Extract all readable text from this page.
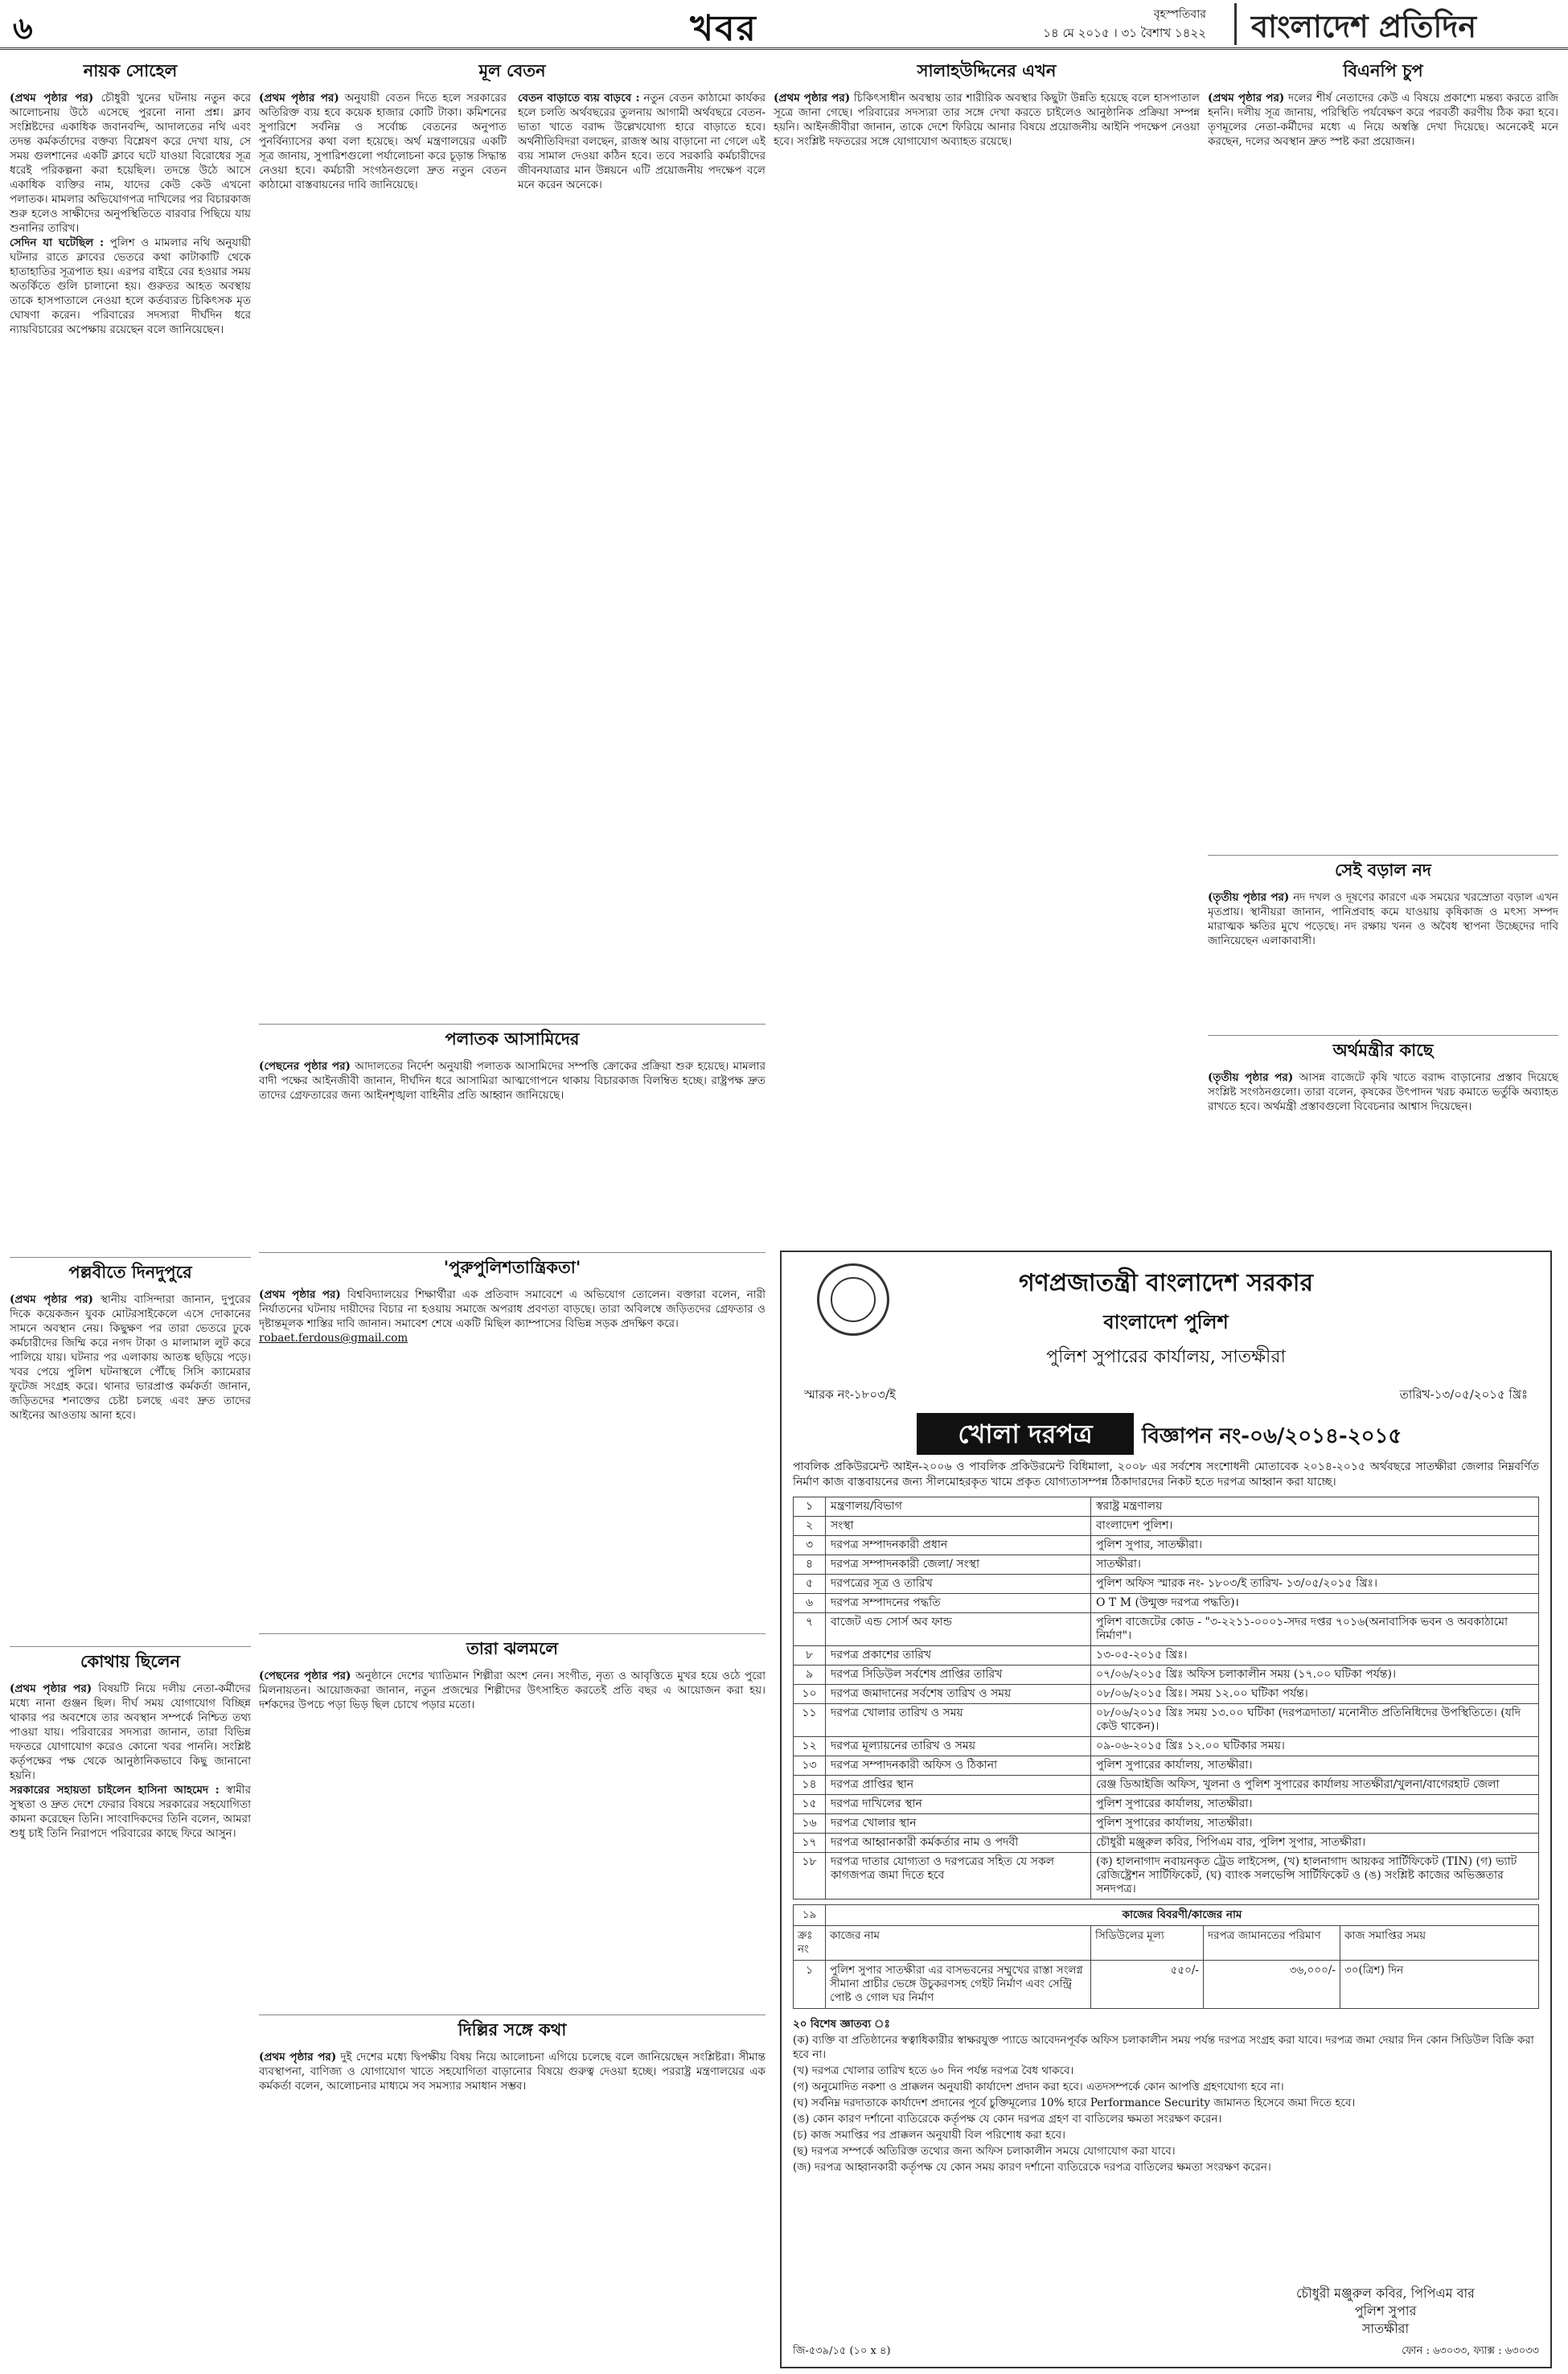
৬	খবর	বৃহস্পতিবার
১৪ মে ২০১৫ । ৩১ বৈশাখ ১৪২২	বাংলাদেশ প্রতিদিন
নায়ক সোহেল
(প্রথম পৃষ্ঠার পর) চৌধুরী খুনের ঘটনায় নতুন করে আলোচনায় উঠে এসেছে পুরনো নানা প্রশ্ন। ক্লাব সংশ্লিষ্টদের একাধিক জবানবন্দি, আদালতের নথি এবং তদন্ত কর্মকর্তাদের বক্তব্য বিশ্লেষণ করে দেখা যায়, সে সময় গুলশানের একটি ক্লাবে ঘটে যাওয়া বিরোধের সূত্র ধরেই পরিকল্পনা করা হয়েছিল। তদন্তে উঠে আসে একাধিক ব্যক্তির নাম, যাদের কেউ কেউ এখনো পলাতক। মামলার অভিযোগপত্র দাখিলের পর বিচারকাজ শুরু হলেও সাক্ষীদের অনুপস্থিতিতে বারবার পিছিয়ে যায় শুনানির তারিখ।
সেদিন যা ঘটেছিল : পুলিশ ও মামলার নথি অনুযায়ী ঘটনার রাতে ক্লাবের ভেতরে কথা কাটাকাটি থেকে হাতাহাতির সূত্রপাত হয়। এরপর বাইরে বের হওয়ার সময় অতর্কিতে গুলি চালানো হয়। গুরুতর আহত অবস্থায় তাকে হাসপাতালে নেওয়া হলে কর্তব্যরত চিকিৎসক মৃত ঘোষণা করেন। পরিবারের সদস্যরা দীর্ঘদিন ধরে ন্যায়বিচারের অপেক্ষায় রয়েছেন বলে জানিয়েছেন।
পল্লবীতে দিনদুপুরে
(প্রথম পৃষ্ঠার পর) স্থানীয় বাসিন্দারা জানান, দুপুরের দিকে কয়েকজন যুবক মোটরসাইকেলে এসে দোকানের সামনে অবস্থান নেয়। কিছুক্ষণ পর তারা ভেতরে ঢুকে কর্মচারীদের জিম্মি করে নগদ টাকা ও মালামাল লুট করে পালিয়ে যায়। ঘটনার পর এলাকায় আতঙ্ক ছড়িয়ে পড়ে। খবর পেয়ে পুলিশ ঘটনাস্থলে পৌঁছে সিসি ক্যামেরার ফুটেজ সংগ্রহ করে। থানার ভারপ্রাপ্ত কর্মকর্তা জানান, জড়িতদের শনাক্তের চেষ্টা চলছে এবং দ্রুত তাদের আইনের আওতায় আনা হবে।
কোথায় ছিলেন
(প্রথম পৃষ্ঠার পর) বিষয়টি নিয়ে দলীয় নেতা-কর্মীদের মধ্যে নানা গুঞ্জন ছিল। দীর্ঘ সময় যোগাযোগ বিচ্ছিন্ন থাকার পর অবশেষে তার অবস্থান সম্পর্কে নিশ্চিত তথ্য পাওয়া যায়। পরিবারের সদস্যরা জানান, তারা বিভিন্ন দফতরে যোগাযোগ করেও কোনো খবর পাননি। সংশ্লিষ্ট কর্তৃপক্ষের পক্ষ থেকে আনুষ্ঠানিকভাবে কিছু জানানো হয়নি।
সরকারের সহায়তা চাইলেন হাসিনা আহমেদ : স্বামীর সুস্থতা ও দ্রুত দেশে ফেরার বিষয়ে সরকারের সহযোগিতা কামনা করেছেন তিনি। সাংবাদিকদের তিনি বলেন, আমরা শুধু চাই তিনি নিরাপদে পরিবারের কাছে ফিরে আসুন।
মূল বেতন
(প্রথম পৃষ্ঠার পর) অনুযায়ী বেতন দিতে হলে সরকারের অতিরিক্ত ব্যয় হবে কয়েক হাজার কোটি টাকা। কমিশনের সুপারিশে সর্বনিম্ন ও সর্বোচ্চ বেতনের অনুপাত পুনর্বিন্যাসের কথা বলা হয়েছে। অর্থ মন্ত্রণালয়ের একটি সূত্র জানায়, সুপারিশগুলো পর্যালোচনা করে চূড়ান্ত সিদ্ধান্ত নেওয়া হবে। কর্মচারী সংগঠনগুলো দ্রুত নতুন বেতন কাঠামো বাস্তবায়নের দাবি জানিয়েছে।
বেতন বাড়াতে ব্যয় বাড়বে : নতুন বেতন কাঠামো কার্যকর হলে চলতি অর্থবছরের তুলনায় আগামী অর্থবছরে বেতন-ভাতা খাতে বরাদ্দ উল্লেখযোগ্য হারে বাড়াতে হবে। অর্থনীতিবিদরা বলছেন, রাজস্ব আয় বাড়ানো না গেলে এই ব্যয় সামাল দেওয়া কঠিন হবে। তবে সরকারি কর্মচারীদের জীবনযাত্রার মান উন্নয়নে এটি প্রয়োজনীয় পদক্ষেপ বলে মনে করেন অনেকে।
পলাতক আসামিদের
(পেছনের পৃষ্ঠার পর) আদালতের নির্দেশ অনুযায়ী পলাতক আসামিদের সম্পত্তি ক্রোকের প্রক্রিয়া শুরু হয়েছে। মামলার বাদী পক্ষের আইনজীবী জানান, দীর্ঘদিন ধরে আসামিরা আত্মগোপনে থাকায় বিচারকাজ বিলম্বিত হচ্ছে। রাষ্ট্রপক্ষ দ্রুত তাদের গ্রেফতারের জন্য আইনশৃঙ্খলা বাহিনীর প্রতি আহ্বান জানিয়েছে।
'পুরুপুলিশতান্ত্রিকতা'
(প্রথম পৃষ্ঠার পর) বিশ্ববিদ্যালয়ের শিক্ষার্থীরা এক প্রতিবাদ সমাবেশে এ অভিযোগ তোলেন। বক্তারা বলেন, নারী নির্যাতনের ঘটনায় দায়ীদের বিচার না হওয়ায় সমাজে অপরাধ প্রবণতা বাড়ছে। তারা অবিলম্বে জড়িতদের গ্রেফতার ও দৃষ্টান্তমূলক শাস্তির দাবি জানান। সমাবেশ শেষে একটি মিছিল ক্যাম্পাসের বিভিন্ন সড়ক প্রদক্ষিণ করে।
robaet.ferdous@gmail.com
তারা ঝলমলে
(পেছনের পৃষ্ঠার পর) অনুষ্ঠানে দেশের খ্যাতিমান শিল্পীরা অংশ নেন। সংগীত, নৃত্য ও আবৃত্তিতে মুখর হয়ে ওঠে পুরো মিলনায়তন। আয়োজকরা জানান, নতুন প্রজন্মের শিল্পীদের উৎসাহিত করতেই প্রতি বছর এ আয়োজন করা হয়। দর্শকদের উপচে পড়া ভিড় ছিল চোখে পড়ার মতো।
দিল্লির সঙ্গে কথা
(প্রথম পৃষ্ঠার পর) দুই দেশের মধ্যে দ্বিপক্ষীয় বিষয় নিয়ে আলোচনা এগিয়ে চলেছে বলে জানিয়েছেন সংশ্লিষ্টরা। সীমান্ত ব্যবস্থাপনা, বাণিজ্য ও যোগাযোগ খাতে সহযোগিতা বাড়ানোর বিষয়ে গুরুত্ব দেওয়া হচ্ছে। পররাষ্ট্র মন্ত্রণালয়ের এক কর্মকর্তা বলেন, আলোচনার মাধ্যমে সব সমস্যার সমাধান সম্ভব।
সালাহউদ্দিনের এখন
(প্রথম পৃষ্ঠার পর) চিকিৎসাধীন অবস্থায় তার শারীরিক অবস্থার কিছুটা উন্নতি হয়েছে বলে হাসপাতাল সূত্রে জানা গেছে। পরিবারের সদস্যরা তার সঙ্গে দেখা করতে চাইলেও আনুষ্ঠানিক প্রক্রিয়া সম্পন্ন হয়নি। আইনজীবীরা জানান, তাকে দেশে ফিরিয়ে আনার বিষয়ে প্রয়োজনীয় আইনি পদক্ষেপ নেওয়া হবে। সংশ্লিষ্ট দফতরের সঙ্গে যোগাযোগ অব্যাহত রয়েছে।
বিএনপি চুপ
(প্রথম পৃষ্ঠার পর) দলের শীর্ষ নেতাদের কেউ এ বিষয়ে প্রকাশ্যে মন্তব্য করতে রাজি হননি। দলীয় সূত্র জানায়, পরিস্থিতি পর্যবেক্ষণ করে পরবর্তী করণীয় ঠিক করা হবে। তৃণমূলের নেতা-কর্মীদের মধ্যে এ নিয়ে অস্বস্তি দেখা দিয়েছে। অনেকেই মনে করছেন, দলের অবস্থান দ্রুত স্পষ্ট করা প্রয়োজন।
সেই বড়াল নদ
(তৃতীয় পৃষ্ঠার পর) নদ দখল ও দূষণের কারণে এক সময়ের খরস্রোতা বড়াল এখন মৃতপ্রায়। স্থানীয়রা জানান, পানিপ্রবাহ কমে যাওয়ায় কৃষিকাজ ও মৎস্য সম্পদ মারাত্মক ক্ষতির মুখে পড়েছে। নদ রক্ষায় খনন ও অবৈধ স্থাপনা উচ্ছেদের দাবি জানিয়েছেন এলাকাবাসী।
অর্থমন্ত্রীর কাছে
(তৃতীয় পৃষ্ঠার পর) আসন্ন বাজেটে কৃষি খাতে বরাদ্দ বাড়ানোর প্রস্তাব দিয়েছে সংশ্লিষ্ট সংগঠনগুলো। তারা বলেন, কৃষকের উৎপাদন খরচ কমাতে ভর্তুকি অব্যাহত রাখতে হবে। অর্থমন্ত্রী প্রস্তাবগুলো বিবেচনার আশ্বাস দিয়েছেন।
গণপ্রজাতন্ত্রী বাংলাদেশ সরকার
বাংলাদেশ পুলিশ
পুলিশ সুপারের কার্যালয়, সাতক্ষীরা
স্মারক নং-১৮০৩/ই	তারিখ-১৩/০৫/২০১৫ খ্রিঃ
খোলা দরপত্র	বিজ্ঞাপন নং-০৬/২০১৪-২০১৫
পাবলিক প্রকিউরমেন্ট আইন-২০০৬ ও পাবলিক প্রকিউরমেন্ট বিধিমালা, ২০০৮ এর সর্বশেষ সংশোধনী মোতাবেক ২০১৪-২০১৫ অর্থবছরে সাতক্ষীরা জেলার নিম্নবর্ণিত নির্মাণ কাজ বাস্তবায়নের জন্য সীলমোহরকৃত খামে প্রকৃত যোগ্যতাসম্পন্ন ঠিকাদারদের নিকট হতে দরপত্র আহ্বান করা যাচ্ছে।
১	মন্ত্রণালয়/বিভাগ	স্বরাষ্ট্র মন্ত্রণালয়
২	সংস্থা	বাংলাদেশ পুলিশ।
৩	দরপত্র সম্পাদনকারী প্রধান	পুলিশ সুপার, সাতক্ষীরা।
৪	দরপত্র সম্পাদনকারী জেলা/ সংস্থা	সাতক্ষীরা।
৫	দরপত্রের সূত্র ও তারিখ	পুলিশ অফিস স্মারক নং- ১৮০৩/ই তারিখ- ১৩/০৫/২০১৫ খ্রিঃ।
৬	দরপত্র সম্পাদনের পদ্ধতি	O T M (উন্মুক্ত দরপত্র পদ্ধতি)।
৭	বাজেট এন্ড সোর্স অব ফান্ড	পুলিশ বাজেটের কোড - "৩-২২১১-০০০১-সদর দপ্তর ৭০১৬(অনাবাসিক ভবন ও অবকাঠামো নির্মাণ"।
৮	দরপত্র প্রকাশের তারিখ	১৩-০৫-২০১৫ খ্রিঃ।
৯	দরপত্র সিডিউল সর্বশেষ প্রাপ্তির তারিখ	০৭/০৬/২০১৫ খ্রিঃ অফিস চলাকালীন সময় (১৭.০০ ঘটিকা পর্যন্ত)।
১০	দরপত্র জমাদানের সর্বশেষ তারিখ ও সময়	০৮/০৬/২০১৫ খ্রিঃ। সময় ১২.০০ ঘটিকা পর্যন্ত।
১১	দরপত্র খোলার তারিখ ও সময়	০৮/০৬/২০১৫ খ্রিঃ সময় ১৩.০০ ঘটিকা (দরপত্রদাতা/ মনোনীত প্রতিনিধিদের উপস্থিতিতে। (যদি কেউ থাকেন)।
১২	দরপত্র মূল্যায়নের তারিখ ও সময়	০৯-০৬-২০১৫ খ্রিঃ ১২.০০ ঘটিকার সময়।
১৩	দরপত্র সম্পাদনকারী অফিস ও ঠিকানা	পুলিশ সুপারের কার্যালয়, সাতক্ষীরা।
১৪	দরপত্র প্রাপ্তির স্থান	রেঞ্জ ডিআইজি অফিস, খুলনা ও পুলিশ সুপারের কার্যালয় সাতক্ষীরা/খুলনা/বাগেরহাট জেলা
১৫	দরপত্র দাখিলের স্থান	পুলিশ সুপারের কার্যালয়, সাতক্ষীরা।
১৬	দরপত্র খোলার স্থান	পুলিশ সুপারের কার্যালয়, সাতক্ষীরা।
১৭	দরপত্র আহ্বানকারী কর্মকর্তার নাম ও পদবী	চৌধুরী মঞ্জুরুল কবির, পিপিএম বার, পুলিশ সুপার, সাতক্ষীরা।
১৮	দরপত্র দাতার যোগ্যতা ও দরপত্রের সহিত যে সকল কাগজপত্র জমা দিতে হবে	(ক) হালনাগাদ নবায়নকৃত ট্রেড লাইসেন্স, (খ) হালনাগাদ আয়কর সার্টিফিকেট (TIN) (গ) ভ্যাট রেজিষ্ট্রেশন সার্টিফিকেট, (ঘ) ব্যাংক সলভেন্সি সার্টিফিকেট ও (ঙ) সংশ্লিষ্ট কাজের অভিজ্ঞতার সনদপত্র।
১৯	কাজের বিবরণী/কাজের নাম			
ক্রঃ নং	কাজের নাম	সিডিউলের মূল্য	দরপত্র জামানতের পরিমাণ	কাজ সমাপ্তির সময়
১	পুলিশ সুপার সাতক্ষীরা এর বাসভবনের সম্মুখের রাস্তা সংলগ্ন সীমানা প্রাচীর ভেঙ্গে উচুকরণসহ গেইট নির্মাণ এবং সেন্ট্রি পোষ্ট ও গোল ঘর নির্মাণ	৫৫০/-	৩৬,০০০/-	৩০(ত্রিশ) দিন

২০ বিশেষ জ্ঞাতব্য ঃ

(ক) ব্যক্তি বা প্রতিষ্ঠানের স্বত্বাধিকারীর স্বাক্ষরযুক্ত প্যাডে আবেদনপূর্বক অফিস চলাকালীন সময় পর্যন্ত দরপত্র সংগ্রহ করা যাবে। দরপত্র জমা দেয়ার দিন কোন সিডিউল বিক্রি করা হবে না।

(খ) দরপত্র খোলার তারিখ হতে ৬০ দিন পর্যন্ত দরপত্র বৈধ থাকবে।

(গ) অনুমোদিত নকশা ও প্রাক্কলন অনুযায়ী কার্যাদেশ প্রদান করা হবে। এতদসম্পর্কে কোন আপত্তি গ্রহণযোগ্য হবে না।

(ঘ) সর্বনিম্ন দরদাতাকে কার্যাদেশ প্রদানের পূর্বে চুক্তিমূল্যের 10% হারে Performance Security জামানত হিসেবে জমা দিতে হবে।

(ঙ) কোন কারণ দর্শানো ব্যতিরেকে কর্তৃপক্ষ যে কোন দরপত্র গ্রহণ বা বাতিলের ক্ষমতা সংরক্ষণ করেন।

(চ) কাজ সমাপ্তির পর প্রাক্কলন অনুযায়ী বিল পরিশোধ করা হবে।

(ছ) দরপত্র সম্পর্কে অতিরিক্ত তথ্যের জন্য অফিস চলাকালীন সময়ে যোগাযোগ করা যাবে।

(জ) দরপত্র আহ্বানকারী কর্তৃপক্ষ যে কোন সময় কারণ দর্শানো ব্যতিরেকে দরপত্র বাতিলের ক্ষমতা সংরক্ষণ করেন।

চৌধুরী মঞ্জুরুল কবির, পিপিএম বার
পুলিশ সুপার
সাতক্ষীরা
জি-৫৩৯/১৫ (১০ x ৪)	ফোন : ৬৩০৩৩, ফ্যাক্স : ৬৩০৩৩
